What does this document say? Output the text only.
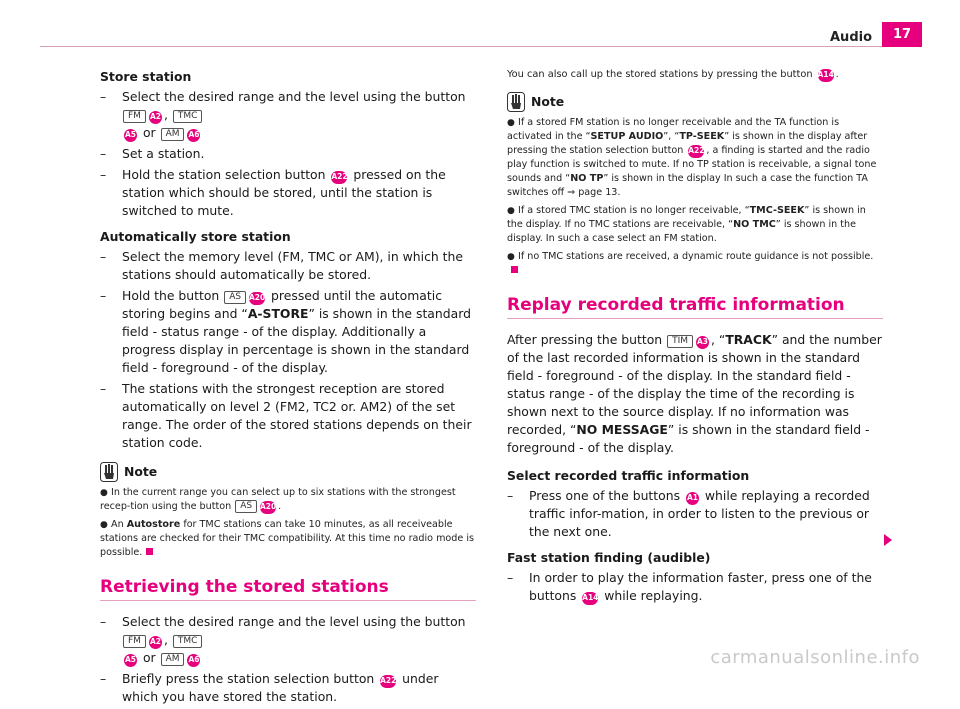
Audio	17
Store station
– Select the desired range and the level using the button FM A2 , TMC
A5 or AM A6
– Set a station.
– Hold the station selection button A22 pressed on the station which should be stored, until the station is switched to mute.
Automatically store station
– Select the memory level (FM, TMC or AM), in which the stations should automatically be stored.
– Hold the button AS A20 pressed until the automatic storing begins and “A-STORE” is shown in the standard field - status range - of the display. Additionally a progress display in percentage is shown in the standard field - foreground - of the display.
– The stations with the strongest reception are stored automatically on level 2 (FM2, TC2 or. AM2) of the set range. The order of the stored stations depends on their station code.
Note
● In the current range you can select up to six stations with the strongest recep-tion using the button AS A20 .
● An Autostore for TMC stations can take 10 minutes, as all receiveable stations are checked for their TMC compatibility. At this time no radio mode is possible.
Retrieving the stored stations
– Select the desired range and the level using the button FM A2 , TMC
A5 or AM A6
– Briefly press the station selection button A22 under which you have stored the station.
You can also call up the stored stations by pressing the button A14 .
Note
● If a stored FM station is no longer receivable and the TA function is activated in the “SETUP AUDIO”, “TP-SEEK” is shown in the display after pressing the station selection button A22 , a finding is started and the radio play function is switched to mute. If no TP station is receivable, a signal tone sounds and “NO TP” is shown in the display In such a case the function TA switches off ⇒ page 13.
● If a stored TMC station is no longer receivable, “TMC-SEEK” is shown in the display. If no TMC stations are receivable, “NO TMC” is shown in the display. In such a case select an FM station.
● If no TMC stations are received, a dynamic route guidance is not possible.
Replay recorded traffic information
After pressing the button TIM A3 , “TRACK” and the number of the last recorded information is shown in the standard field - foreground - of the display. In the standard field - status range - of the display the time of the recording is shown next to the source display. If no information was recorded, “NO MESSAGE” is shown in the standard field - foreground - of the display.
Select recorded traffic information
– Press one of the buttons A1 while replaying a recorded traffic infor-mation, in order to listen to the previous or the next one.
Fast station finding (audible)
– In order to play the information faster, press one of the buttons A14 while replaying.
carmanualsonline.info
